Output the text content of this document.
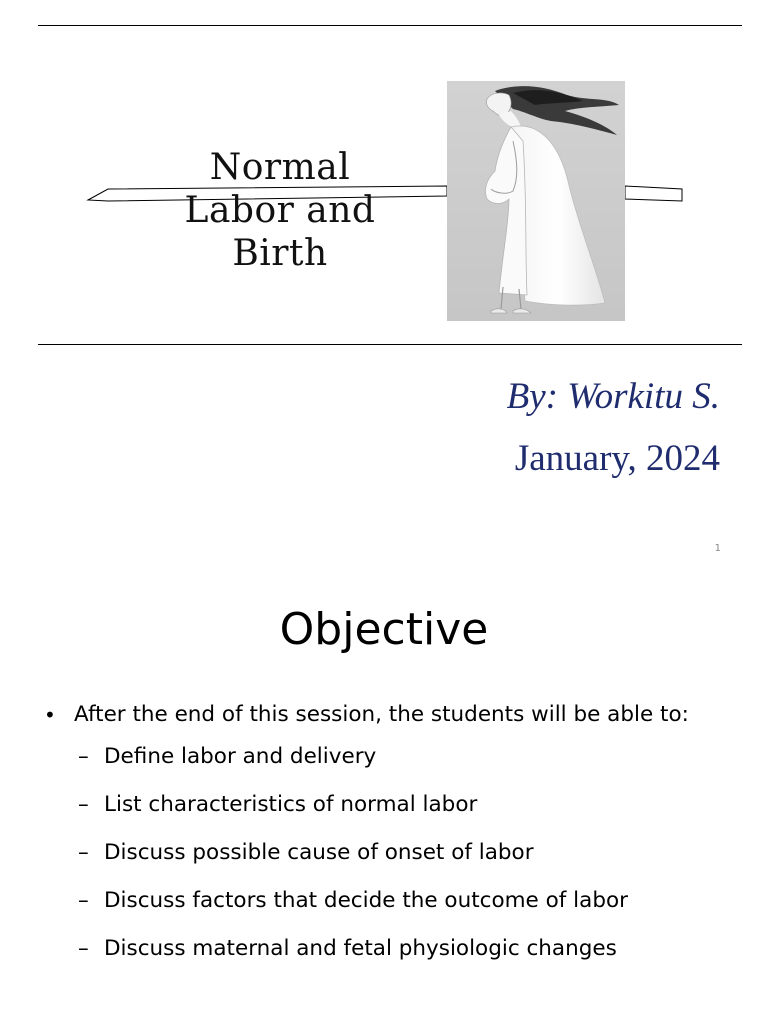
Normal
Labor and
Birth
By: Workitu S.
January, 2024
1
Objective
• After the end of this session, the students will be able to:
– Define labor and delivery
– List characteristics of normal labor
– Discuss possible cause of onset of labor
– Discuss factors that decide the outcome of labor
– Discuss maternal and fetal physiologic changes
